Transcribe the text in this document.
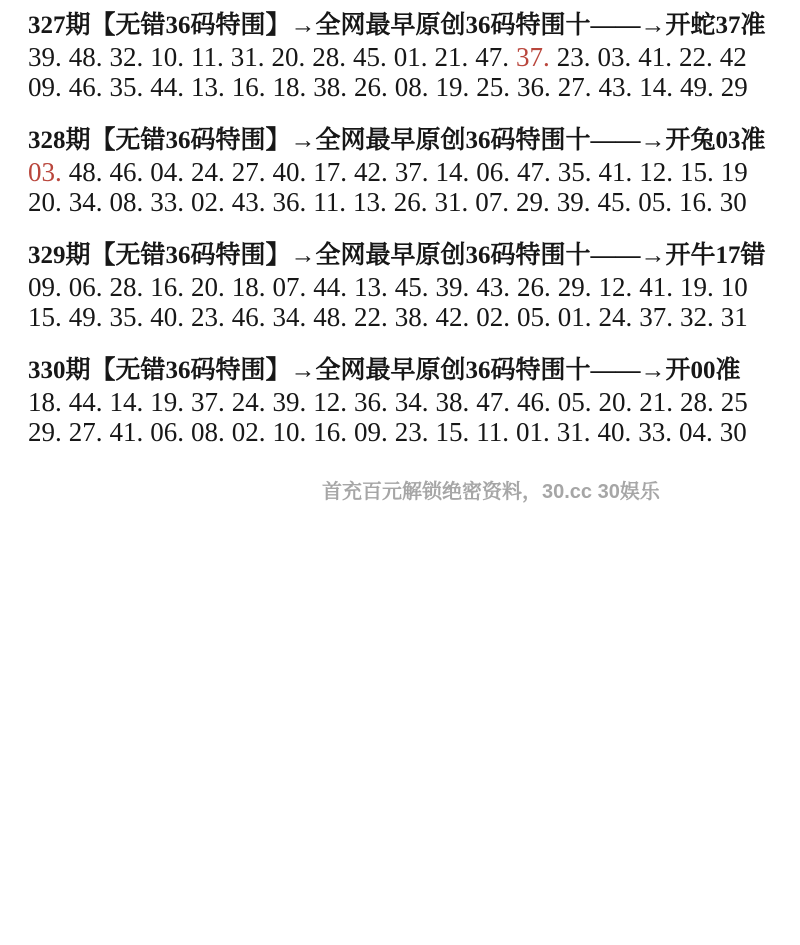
327期【无错36码特围】→全网最早原创36码特围十——→开蛇37准

39. 48. 32. 10. 11. 31. 20. 28. 45. 01. 21. 47. 37. 23. 03. 41. 22. 42

09. 46. 35. 44. 13. 16. 18. 38. 26. 08. 19. 25. 36. 27. 43. 14. 49. 29

328期【无错36码特围】→全网最早原创36码特围十——→开兔03准

03. 48. 46. 04. 24. 27. 40. 17. 42. 37. 14. 06. 47. 35. 41. 12. 15. 19

20. 34. 08. 33. 02. 43. 36. 11. 13. 26. 31. 07. 29. 39. 45. 05. 16. 30

329期【无错36码特围】→全网最早原创36码特围十——→开牛17错

09. 06. 28. 16. 20. 18. 07. 44. 13. 45. 39. 43. 26. 29. 12. 41. 19. 10

15. 49. 35. 40. 23. 46. 34. 48. 22. 38. 42. 02. 05. 01. 24. 37. 32. 31

330期【无错36码特围】→全网最早原创36码特围十——→开00准

18. 44. 14. 19. 37. 24. 39. 12. 36. 34. 38. 47. 46. 05. 20. 21. 28. 25

29. 27. 41. 06. 08. 02. 10. 16. 09. 23. 15. 11. 01. 31. 40. 33. 04. 30

首充百元解锁绝密资料，30.cc 30娱乐
